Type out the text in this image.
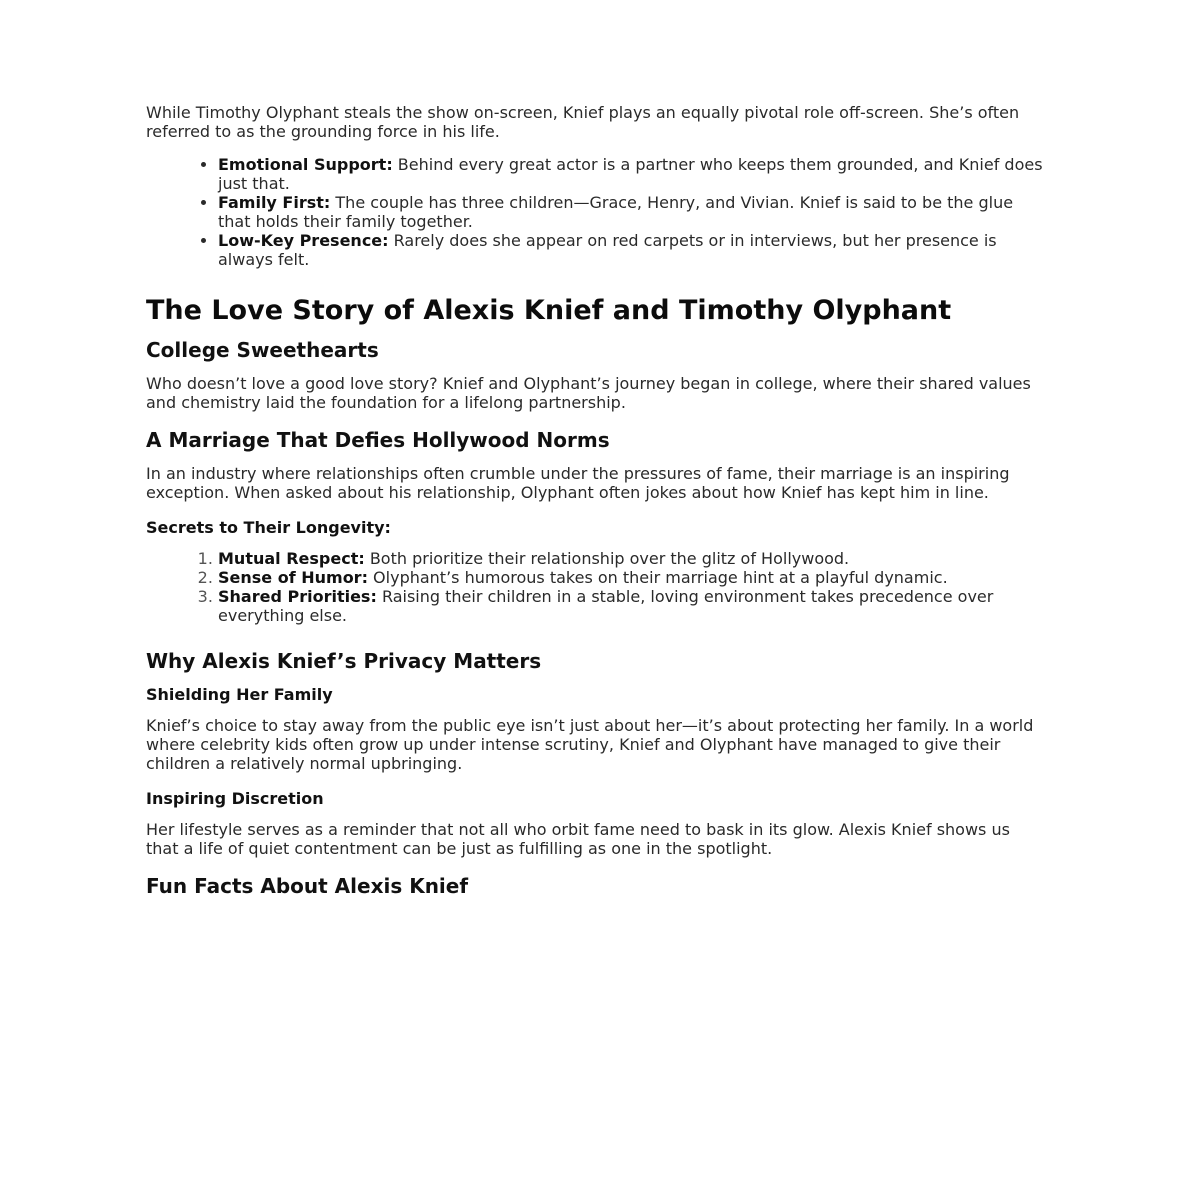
While Timothy Olyphant steals the show on-screen, Knief plays an equally pivotal role off-screen. She’s often referred to as the grounding force in his life.

• Emotional Support: Behind every great actor is a partner who keeps them grounded, and Knief does just that.
• Family First: The couple has three children—Grace, Henry, and Vivian. Knief is said to be the glue that holds their family together.
• Low-Key Presence: Rarely does she appear on red carpets or in interviews, but her presence is always felt.
The Love Story of Alexis Knief and Timothy Olyphant
College Sweethearts

Who doesn’t love a good love story? Knief and Olyphant’s journey began in college, where their shared values and chemistry laid the foundation for a lifelong partnership.

A Marriage That Defies Hollywood Norms

In an industry where relationships often crumble under the pressures of fame, their marriage is an inspiring exception. When asked about his relationship, Olyphant often jokes about how Knief has kept him in line.

Secrets to Their Longevity:
1. Mutual Respect: Both prioritize their relationship over the glitz of Hollywood.
2. Sense of Humor: Olyphant’s humorous takes on their marriage hint at a playful dynamic.
3. Shared Priorities: Raising their children in a stable, loving environment takes precedence over everything else.
Why Alexis Knief’s Privacy Matters
Shielding Her Family

Knief’s choice to stay away from the public eye isn’t just about her—it’s about protecting her family. In a world where celebrity kids often grow up under intense scrutiny, Knief and Olyphant have managed to give their children a relatively normal upbringing.

Inspiring Discretion

Her lifestyle serves as a reminder that not all who orbit fame need to bask in its glow. Alexis Knief shows us that a life of quiet contentment can be just as fulfilling as one in the spotlight.

Fun Facts About Alexis Knief
